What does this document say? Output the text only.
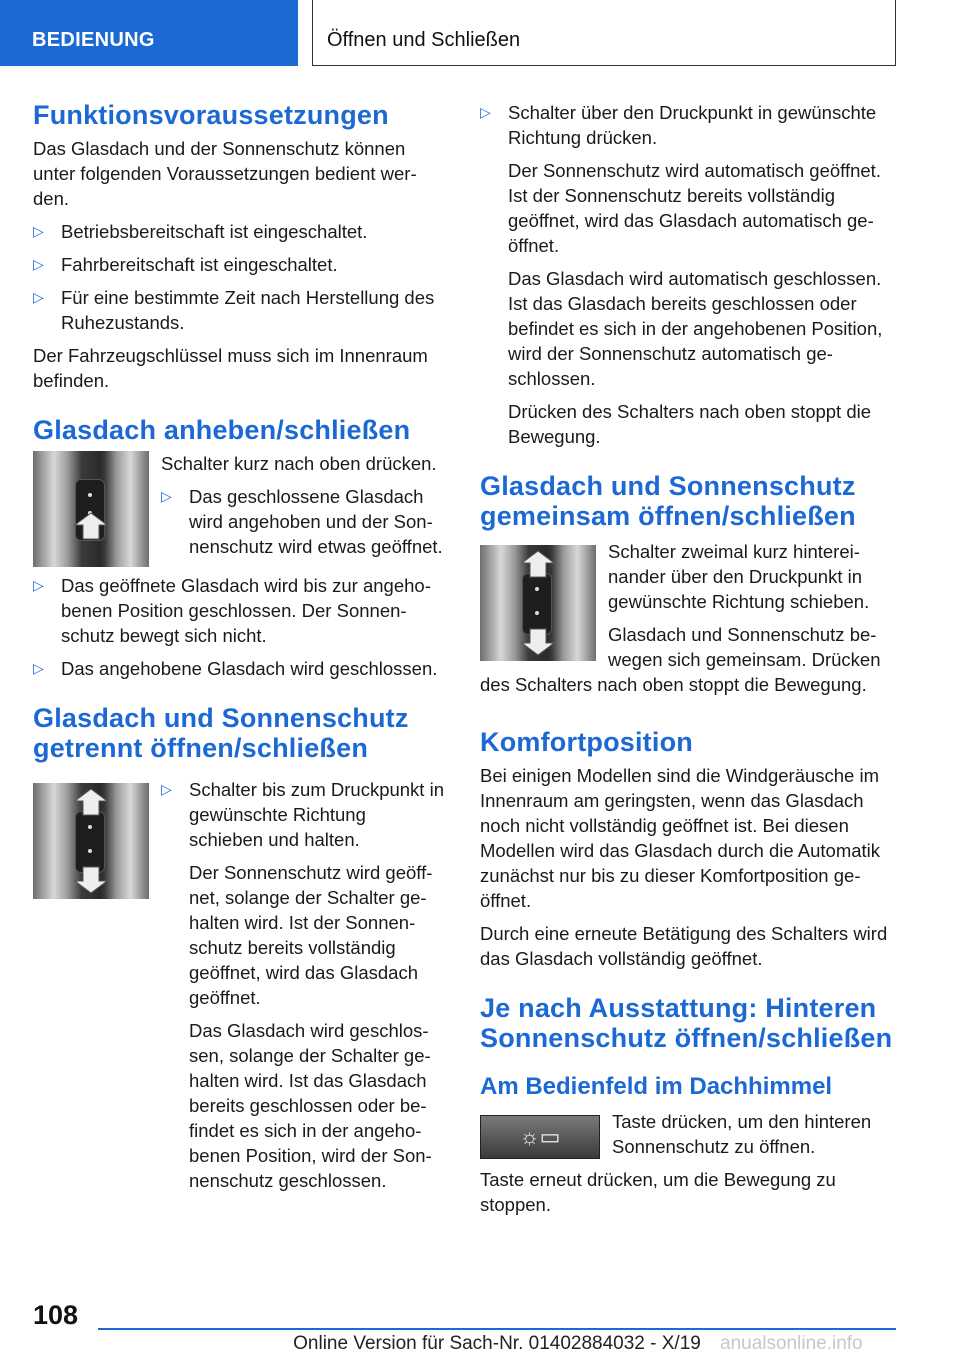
BEDIENUNG	Öffnen und Schließen
Funktionsvoraussetzungen

Das Glasdach und der Sonnenschutz können unter folgenden Voraussetzungen bedient werden.

▷ Betriebsbereitschaft ist eingeschaltet.
▷ Fahrbereitschaft ist eingeschaltet.
▷ Für eine bestimmte Zeit nach Herstellung des Ruhezustands.

Der Fahrzeugschlüssel muss sich im Innenraum befinden.

Glasdach anheben/schließen

Schalter kurz nach oben drücken.

▷ Das geschlossene Glasdach wird angehoben und der Sonnenschutz wird etwas geöffnet.
▷ Das geöffnete Glasdach wird bis zur angehobenen Position geschlossen. Der Sonnenschutz bewegt sich nicht.
▷ Das angehobene Glasdach wird geschlossen.
Glasdach und Sonnenschutz getrennt öffnen/schließen
▷ Schalter bis zum Druckpunkt in gewünschte Richtung schieben und halten.

Der Sonnenschutz wird geöffnet, solange der Schalter gehalten wird. Ist der Sonnenschutz bereits vollständig geöffnet, wird das Glasdach geöffnet.

Das Glasdach wird geschlossen, solange der Schalter gehalten wird. Ist das Glasdach bereits geschlossen oder befindet es sich in der angehobenen Position, wird der Sonnenschutz geschlossen.

▷ Schalter über den Druckpunkt in gewünschte Richtung drücken.

Der Sonnenschutz wird automatisch geöffnet. Ist der Sonnenschutz bereits vollständig geöffnet, wird das Glasdach automatisch geöffnet.

Das Glasdach wird automatisch geschlossen. Ist das Glasdach bereits geschlossen oder befindet es sich in der angehobenen Position, wird der Sonnenschutz automatisch geschlossen.

Drücken des Schalters nach oben stoppt die Bewegung.

Glasdach und Sonnenschutz gemeinsam öffnen/schließen

Schalter zweimal kurz hintereinander über den Druckpunkt in gewünschte Richtung schieben.

Glasdach und Sonnenschutz bewegen sich gemeinsam. Drücken des Schalters nach oben stoppt die Bewegung.

Komfortposition

Bei einigen Modellen sind die Windgeräusche im Innenraum am geringsten, wenn das Glasdach noch nicht vollständig geöffnet ist. Bei diesen Modellen wird das Glasdach durch die Automatik zunächst nur bis zu dieser Komfortposition geöffnet.

Durch eine erneute Betätigung des Schalters wird das Glasdach vollständig geöffnet.

Je nach Ausstattung: Hinteren Sonnenschutz öffnen/schließen
Am Bedienfeld im Dachhimmel
☼▭

Taste drücken, um den hinteren Sonnenschutz zu öffnen.

Taste erneut drücken, um die Bewegung zu stoppen.

108
Online Version für Sach-Nr. 01402884032 - X/19	anualsonline.info
